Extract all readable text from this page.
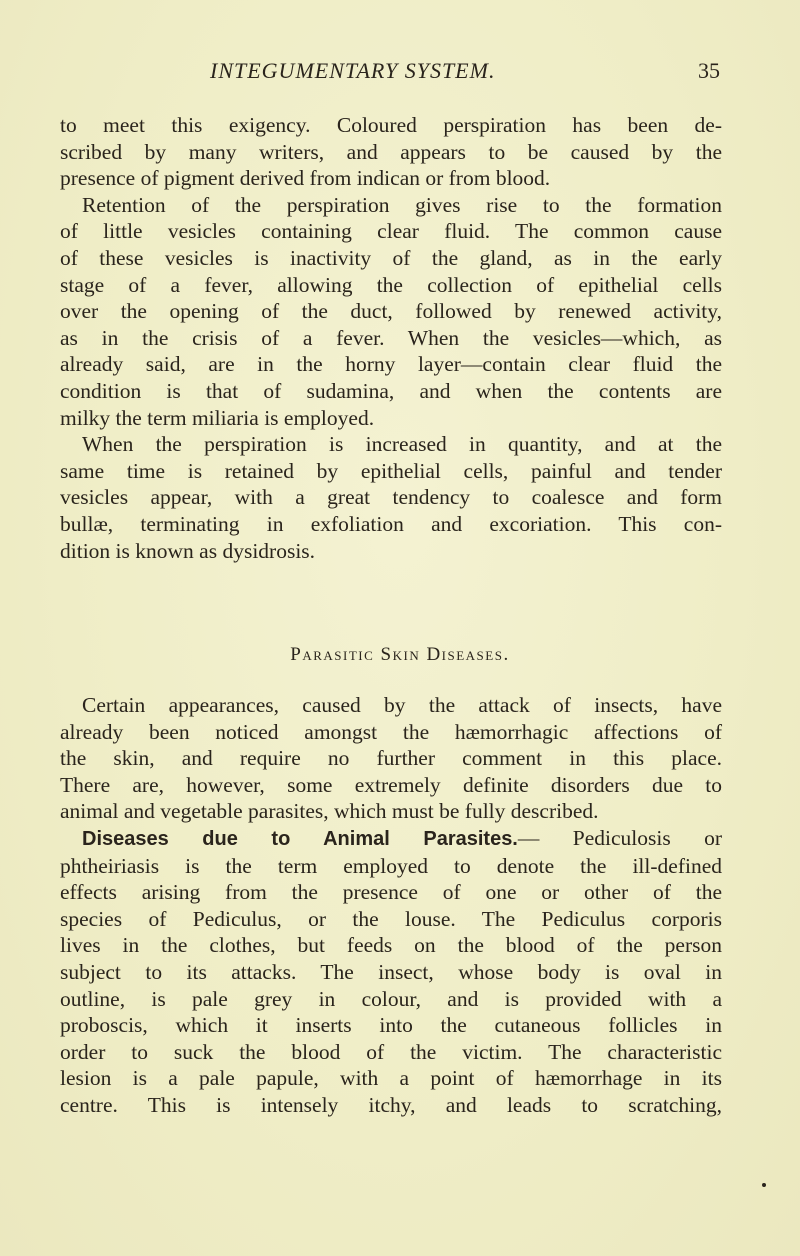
INTEGUMENTARY SYSTEM.	35
to meet this exigency. Coloured perspiration has been de-
scribed by many writers, and appears to be caused by the
presence of pigment derived from indican or from blood.
Retention of the perspiration gives rise to the formation
of little vesicles containing clear fluid. The common cause
of these vesicles is inactivity of the gland, as in the early
stage of a fever, allowing the collection of epithelial cells
over the opening of the duct, followed by renewed activity,
as in the crisis of a fever. When the vesicles—which, as
already said, are in the horny layer—contain clear fluid the
condition is that of sudamina, and when the contents are
milky the term miliaria is employed.
When the perspiration is increased in quantity, and at the
same time is retained by epithelial cells, painful and tender
vesicles appear, with a great tendency to coalesce and form
bullæ, terminating in exfoliation and excoriation. This con-
dition is known as dysidrosis.
Parasitic Skin Diseases.
Certain appearances, caused by the attack of insects, have
already been noticed amongst the hæmorrhagic affections of
the skin, and require no further comment in this place.
There are, however, some extremely definite disorders due to
animal and vegetable parasites, which must be fully described.
Diseases due to Animal Parasites.— Pediculosis or
phtheiriasis is the term employed to denote the ill-defined
effects arising from the presence of one or other of the
species of Pediculus, or the louse. The Pediculus corporis
lives in the clothes, but feeds on the blood of the person
subject to its attacks. The insect, whose body is oval in
outline, is pale grey in colour, and is provided with a
proboscis, which it inserts into the cutaneous follicles in
order to suck the blood of the victim. The characteristic
lesion is a pale papule, with a point of hæmorrhage in its
centre. This is intensely itchy, and leads to scratching,
